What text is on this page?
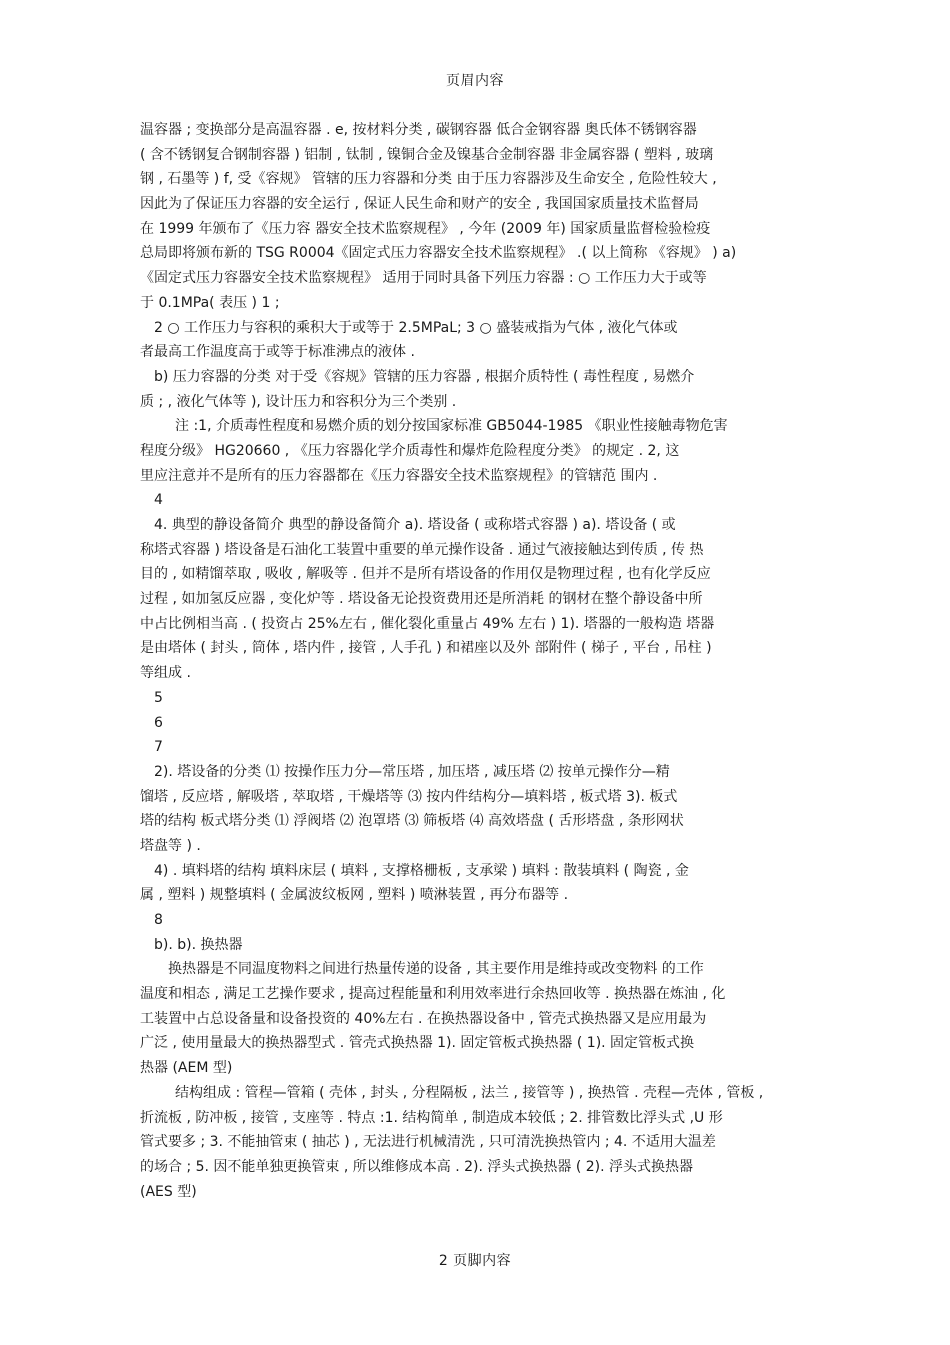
页眉内容
温容器 ; 变换部分是高温容器 . e, 按材料分类 , 碳钢容器 低合金钢容器 奥氏体不锈钢容器
( 含不锈钢复合钢制容器 ) 铝制 , 钛制 , 镍铜合金及镍基合金制容器 非金属容器 ( 塑料 , 玻璃
钢 , 石墨等 ) f, 受《容规》 管辖的压力容器和分类 由于压力容器涉及生命安全 , 危险性较大 ,
因此为了保证压力容器的安全运行 , 保证人民生命和财产的安全 , 我国国家质量技术监督局
在 1999 年颁布了《压力容 器安全技术监察规程》 , 今年 (2009 年) 国家质量监督检验检疫
总局即将颁布新的 TSG R0004《固定式压力容器安全技术监察规程》 .( 以上简称 《容规》 ) a)
《固定式压力容器安全技术监察规程》 适用于同时具备下列压力容器 : ○ 工作压力大于或等
于 0.1MPa( 表压 ) 1 ;
2 ○ 工作压力与容积的乘积大于或等于 2.5MPaL; 3 ○ 盛装戒指为气体 , 液化气体或
者最高工作温度高于或等于标准沸点的液体 .
b) 压力容器的分类 对于受《容规》管辖的压力容器 , 根据介质特性 ( 毒性程度 , 易燃介
质 ; , 液化气体等 ), 设计压力和容积分为三个类别 .
注 :1, 介质毒性程度和易燃介质的划分按国家标准 GB5044-1985 《职业性接触毒物危害
程度分级》 HG20660 , 《压力容器化学介质毒性和爆炸危险程度分类》 的规定 . 2, 这
里应注意并不是所有的压力容器都在《压力容器安全技术监察规程》的管辖范 围内 .
4
4. 典型的静设备简介 典型的静设备简介 a). 塔设备 ( 或称塔式容器 ) a). 塔设备 ( 或
称塔式容器 ) 塔设备是石油化工装置中重要的单元操作设备 . 通过气液接触达到传质 , 传 热
目的 , 如精馏萃取 , 吸收 , 解吸等 . 但并不是所有塔设备的作用仅是物理过程 , 也有化学反应
过程 , 如加氢反应器 , 变化炉等 . 塔设备无论投资费用还是所消耗 的钢材在整个静设备中所
中占比例相当高 . ( 投资占 25%左右 , 催化裂化重量占 49% 左右 ) 1). 塔器的一般构造 塔器
是由塔体 ( 封头 , 筒体 , 塔内件 , 接管 , 人手孔 ) 和裙座以及外 部附件 ( 梯子 , 平台 , 吊柱 )
等组成 .
5
6
7
2). 塔设备的分类 ⑴ 按操作压力分—常压塔 , 加压塔 , 减压塔 ⑵ 按单元操作分—精
馏塔 , 反应塔 , 解吸塔 , 萃取塔 , 干燥塔等 ⑶ 按内件结构分—填料塔 , 板式塔 3). 板式
塔的结构 板式塔分类 ⑴ 浮阀塔 ⑵ 泡罩塔 ⑶ 筛板塔 ⑷ 高效塔盘 ( 舌形塔盘 , 条形网状
塔盘等 ) .
4) . 填料塔的结构 填料床层 ( 填料 , 支撑格栅板 , 支承梁 ) 填料 : 散装填料 ( 陶瓷 , 金
属 , 塑料 ) 规整填料 ( 金属波纹板网 , 塑料 ) 喷淋装置 , 再分布器等 .
8
b). b). 换热器
换热器是不同温度物料之间进行热量传递的设备 , 其主要作用是维持或改变物料 的工作
温度和相态 , 满足工艺操作要求 , 提高过程能量和利用效率进行余热回收等 . 换热器在炼油 , 化
工装置中占总设备量和设备投资的 40%左右 . 在换热器设备中 , 管壳式换热器又是应用最为
广泛 , 使用量最大的换热器型式 . 管壳式换热器 1). 固定管板式换热器 ( 1). 固定管板式换
热器 (AEM 型)
结构组成 : 管程—管箱 ( 壳体 , 封头 , 分程隔板 , 法兰 , 接管等 ) , 换热管 . 壳程—壳体 , 管板 ,
折流板 , 防冲板 , 接管 , 支座等 . 特点 :1. 结构简单 , 制造成本较低 ; 2. 排管数比浮头式 ,U 形
管式要多 ; 3. 不能抽管束 ( 抽芯 ) , 无法进行机械清洗 , 只可清洗换热管内 ; 4. 不适用大温差
的场合 ; 5. 因不能单独更换管束 , 所以维修成本高 . 2). 浮头式换热器 ( 2). 浮头式换热器
(AES 型)
2 页脚内容
